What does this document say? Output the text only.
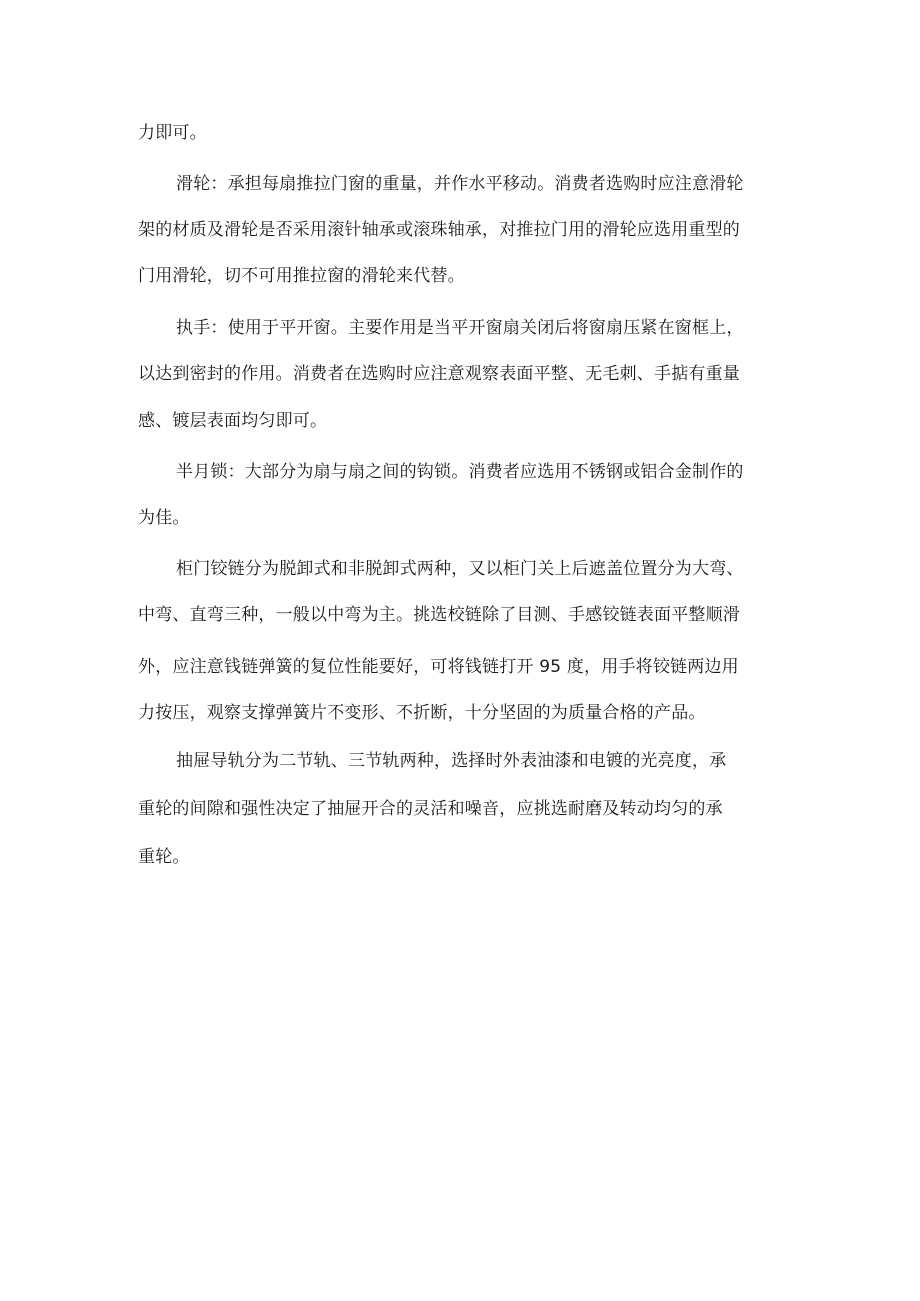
力即可。
滑轮：承担每扇推拉门窗的重量，并作水平移动。消费者选购时应注意滑轮
架的材质及滑轮是否采用滚针轴承或滚珠轴承，对推拉门用的滑轮应选用重型的
门用滑轮，切不可用推拉窗的滑轮来代替。
执手：使用于平开窗。主要作用是当平开窗扇关闭后将窗扇压紧在窗框上，
以达到密封的作用。消费者在选购时应注意观察表面平整、无毛刺、手掂有重量
感、镀层表面均匀即可。
半月锁：大部分为扇与扇之间的钩锁。消费者应选用不锈钢或铝合金制作的
为佳。
柜门铰链分为脱卸式和非脱卸式两种，又以柜门关上后遮盖位置分为大弯、
中弯、直弯三种，一般以中弯为主。挑选校链除了目测、手感铰链表面平整顺滑
外，应注意钱链弹簧的复位性能要好，可将钱链打开 95 度，用手将铰链两边用
力按压，观察支撑弹簧片不变形、不折断，十分坚固的为质量合格的产品。
抽屉导轨分为二节轨、三节轨两种，选择时外表油漆和电镀的光亮度，承
重轮的间隙和强性决定了抽屉开合的灵活和噪音，应挑选耐磨及转动均匀的承
重轮。
